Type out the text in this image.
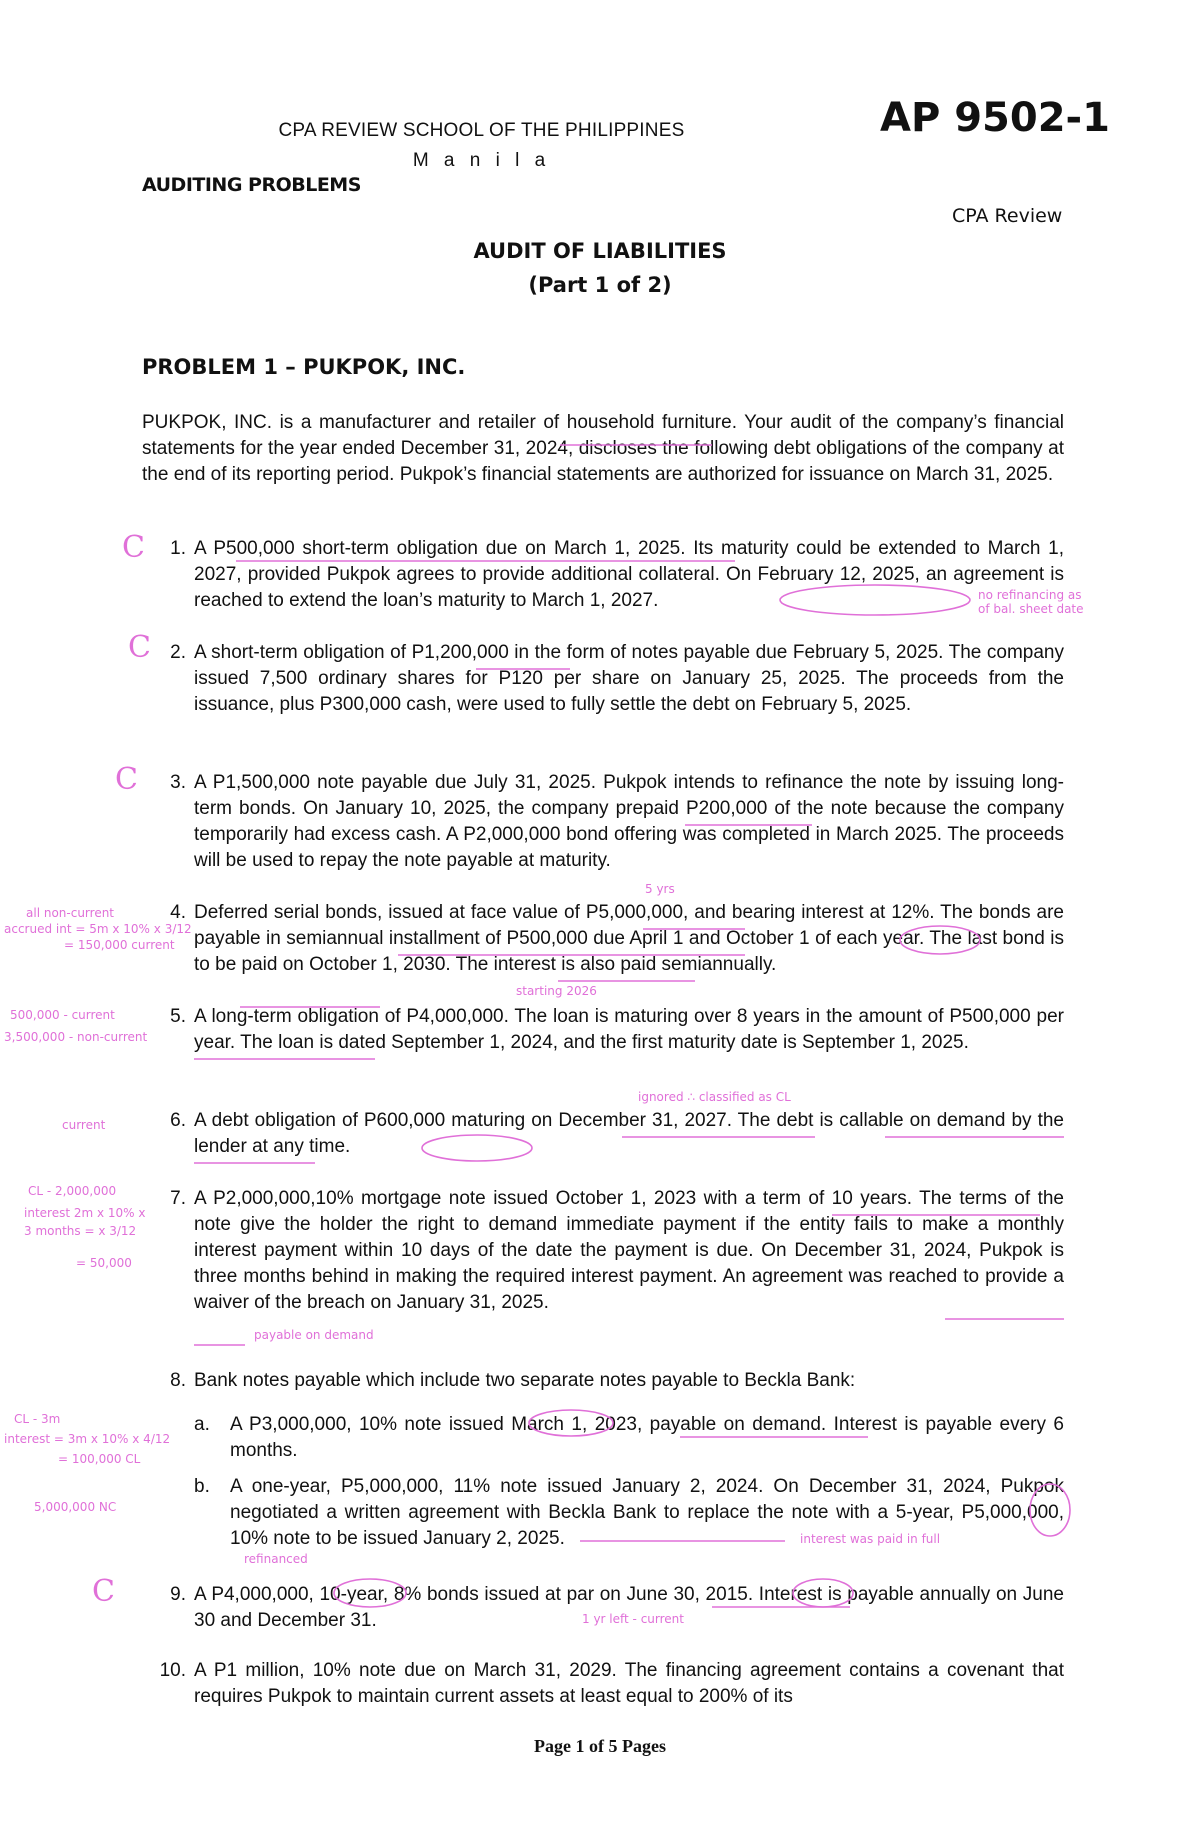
CPA REVIEW SCHOOL OF THE PHILIPPINES
M a n i l a
AP 9502-1
AUDITING PROBLEMS
CPA Review
AUDIT OF LIABILITIES
(Part 1 of 2)
PROBLEM 1 – PUKPOK, INC.
PUKPOK, INC. is a manufacturer and retailer of household furniture. Your audit of the company’s financial statements for the year ended December 31, 2024, discloses the following debt obligations of the company at the end of its reporting period. Pukpok’s financial statements are authorized for issuance on March 31, 2025.
1. A P500,000 short-term obligation due on March 1, 2025. Its maturity could be extended to March 1, 2027, provided Pukpok agrees to provide additional collateral. On February 12, 2025, an agreement is reached to extend the loan’s maturity to March 1, 2027.
2. A short-term obligation of P1,200,000 in the form of notes payable due February 5, 2025. The company issued 7,500 ordinary shares for P120 per share on January 25, 2025. The proceeds from the issuance, plus P300,000 cash, were used to fully settle the debt on February 5, 2025.
3. A P1,500,000 note payable due July 31, 2025. Pukpok intends to refinance the note by issuing long-term bonds. On January 10, 2025, the company prepaid P200,000 of the note because the company temporarily had excess cash. A P2,000,000 bond offering was completed in March 2025. The proceeds will be used to repay the note payable at maturity.
4. Deferred serial bonds, issued at face value of P5,000,000, and bearing interest at 12%. The bonds are payable in semiannual installment of P500,000 due April 1 and October 1 of each year. The last bond is to be paid on October 1, 2030. The interest is also paid semiannually.
5. A long-term obligation of P4,000,000. The loan is maturing over 8 years in the amount of P500,000 per year. The loan is dated September 1, 2024, and the first maturity date is September 1, 2025.
6. A debt obligation of P600,000 maturing on December 31, 2027. The debt is callable on demand by the lender at any time.
7. A P2,000,000,10% mortgage note issued October 1, 2023 with a term of 10 years. The terms of the note give the holder the right to demand immediate payment if the entity fails to make a monthly interest payment within 10 days of the date the payment is due. On December 31, 2024, Pukpok is three months behind in making the required interest payment. An agreement was reached to provide a waiver of the breach on January 31, 2025.
8. Bank notes payable which include two separate notes payable to Beckla Bank:
a.	A P3,000,000, 10% note issued March 1, 2023, payable on demand. Interest is payable every 6 months.
b.	A one-year, P5,000,000, 11% note issued January 2, 2024. On December 31, 2024, Pukpok negotiated a written agreement with Beckla Bank to replace the note with a 5-year, P5,000,000, 10% note to be issued January 2, 2025.
9. A P4,000,000, 10-year, 8% bonds issued at par on June 30, 2015. Interest is payable annually on June 30 and December 31.
10. A P1 million, 10% note due on March 31, 2029. The financing agreement contains a covenant that requires Pukpok to maintain current assets at least equal to 200% of its
Page 1 of 5 Pages
C
C
C
C
no refinancing as of bal. sheet date
5 yrs
starting 2026
all non-current
accrued int = 5m x 10% x 3/12
= 150,000 current
500,000 - current
3,500,000 - non-current
current
ignored ∴ classified as CL
CL - 2,000,000
interest 2m x 10% x
3 months = x 3/12
= 50,000
payable on demand
CL - 3m
interest = 3m x 10% x 4/12
= 100,000 CL
5,000,000 NC
interest was paid in full
refinanced
1 yr left - current
